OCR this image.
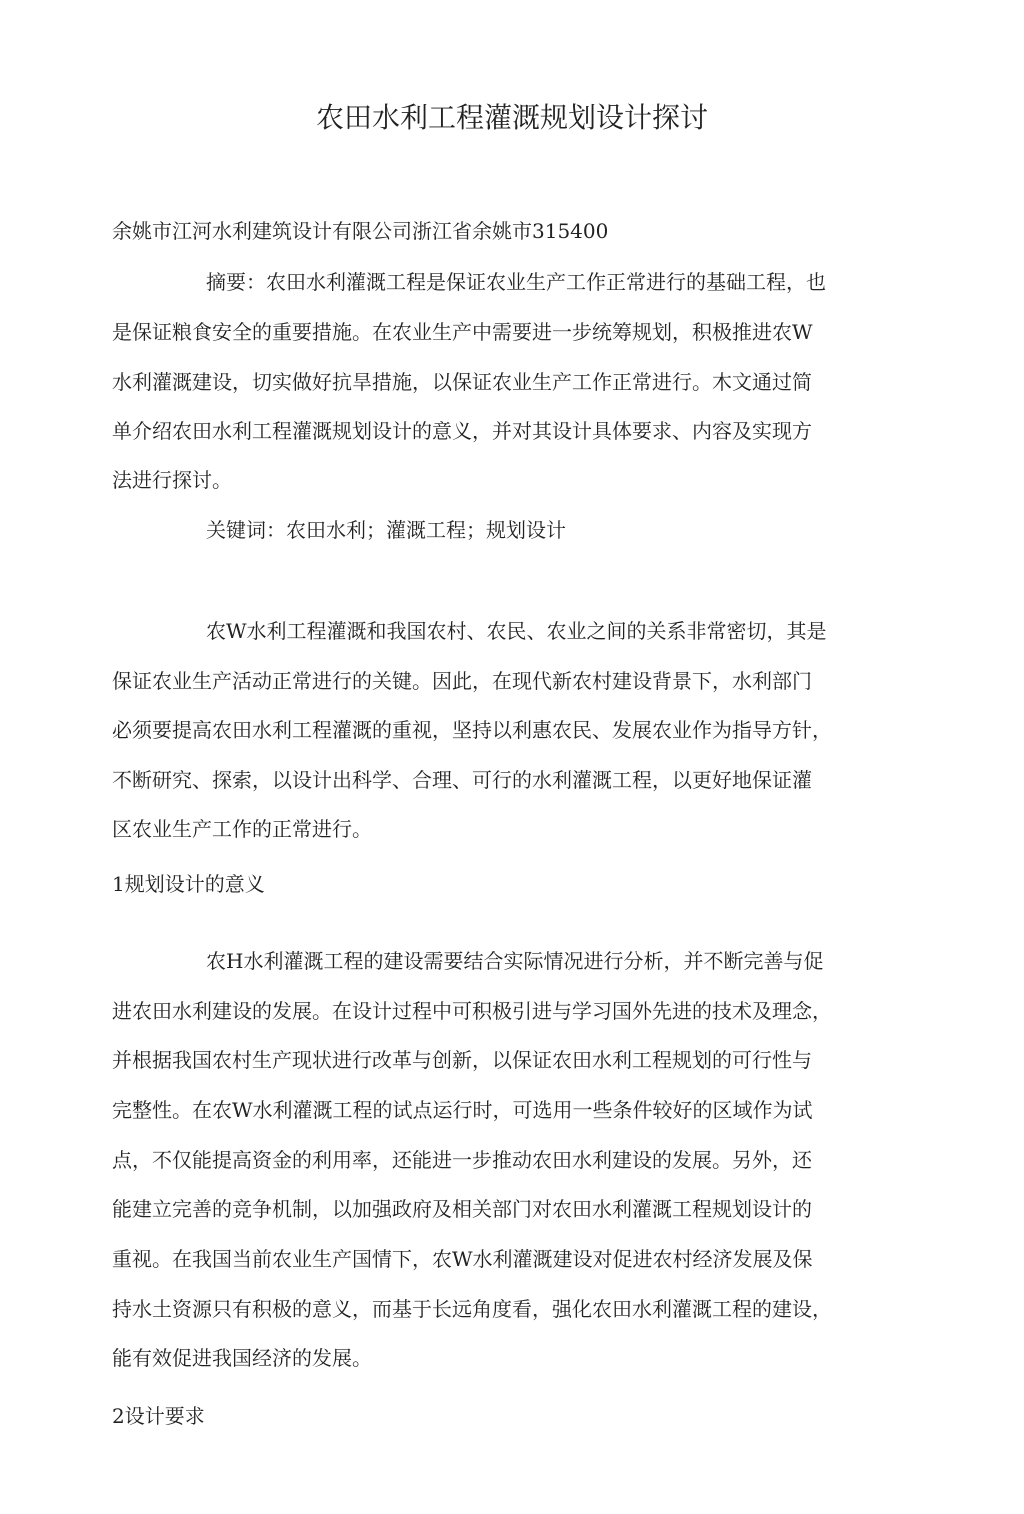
农田水利工程灌溉规划设计探讨
余姚市江河水利建筑设计有限公司浙江省余姚市315400
摘要：农田水利灌溉工程是保证农业生产工作正常进行的基础工程，也
是保证粮食安全的重要措施。在农业生产中需要进一步统筹规划，积极推进农W
水利灌溉建设，切实做好抗旱措施，以保证农业生产工作正常进行。木文通过简
单介绍农田水利工程灌溉规划设计的意义，并对其设计具体要求、内容及实现方
法进行探讨。
关键词：农田水利；灌溉工程；规划设计
农W水利工程灌溉和我国农村、农民、农业之间的关系非常密切，其是
保证农业生产活动正常进行的关键。因此，在现代新农村建设背景下，水利部门
必须要提高农田水利工程灌溉的重视，坚持以利惠农民、发展农业作为指导方针，
不断研究、探索，以设计出科学、合理、可行的水利灌溉工程，以更好地保证灌
区农业生产工作的正常进行。
1规划设计的意义
农H水利灌溉工程的建设需要结合实际情况进行分析，并不断完善与促
进农田水利建设的发展。在设计过程中可积极引进与学习国外先进的技术及理念，
并根据我国农村生产现状进行改革与创新，以保证农田水利工程规划的可行性与
完整性。在农W水利灌溉工程的试点运行时，可选用一些条件较好的区域作为试
点，不仅能提高资金的利用率，还能进一步推动农田水利建设的发展。另外，还
能建立完善的竞争机制，以加强政府及相关部门对农田水利灌溉工程规划设计的
重视。在我国当前农业生产国情下，农W水利灌溉建设对促进农村经济发展及保
持水土资源只有积极的意义，而基于长远角度看，强化农田水利灌溉工程的建设，
能有效促进我国经济的发展。
2设计要求
